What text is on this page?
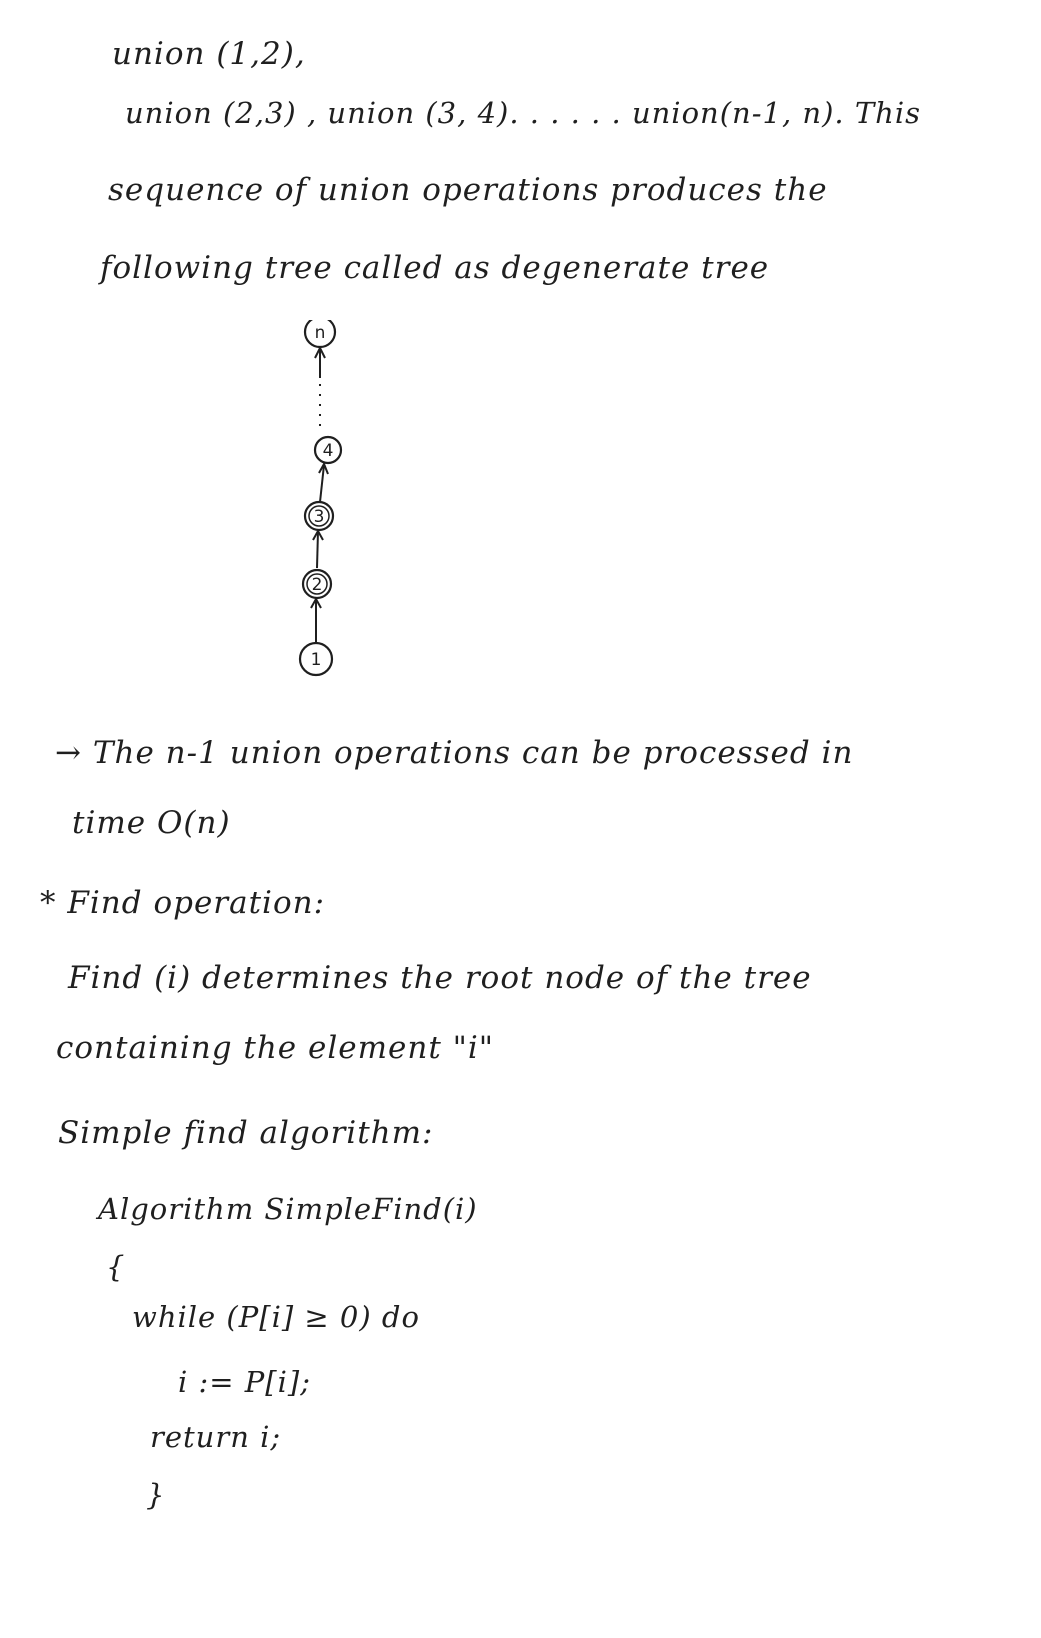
union (1,2),
union (2,3) , union (3, 4). . . . . . union(n-1, n). This
sequence of union operations produces the
following tree called as degenerate tree
n
4
3
2
1
→ The n-1 union operations can be processed in
time O(n)
* Find operation:
Find (i) determines the root node of the tree
containing the element "i"
Simple find algorithm:
Algorithm SimpleFind(i)
{
while (P[i] ≥ 0) do
i := P[i];
return i;
}
